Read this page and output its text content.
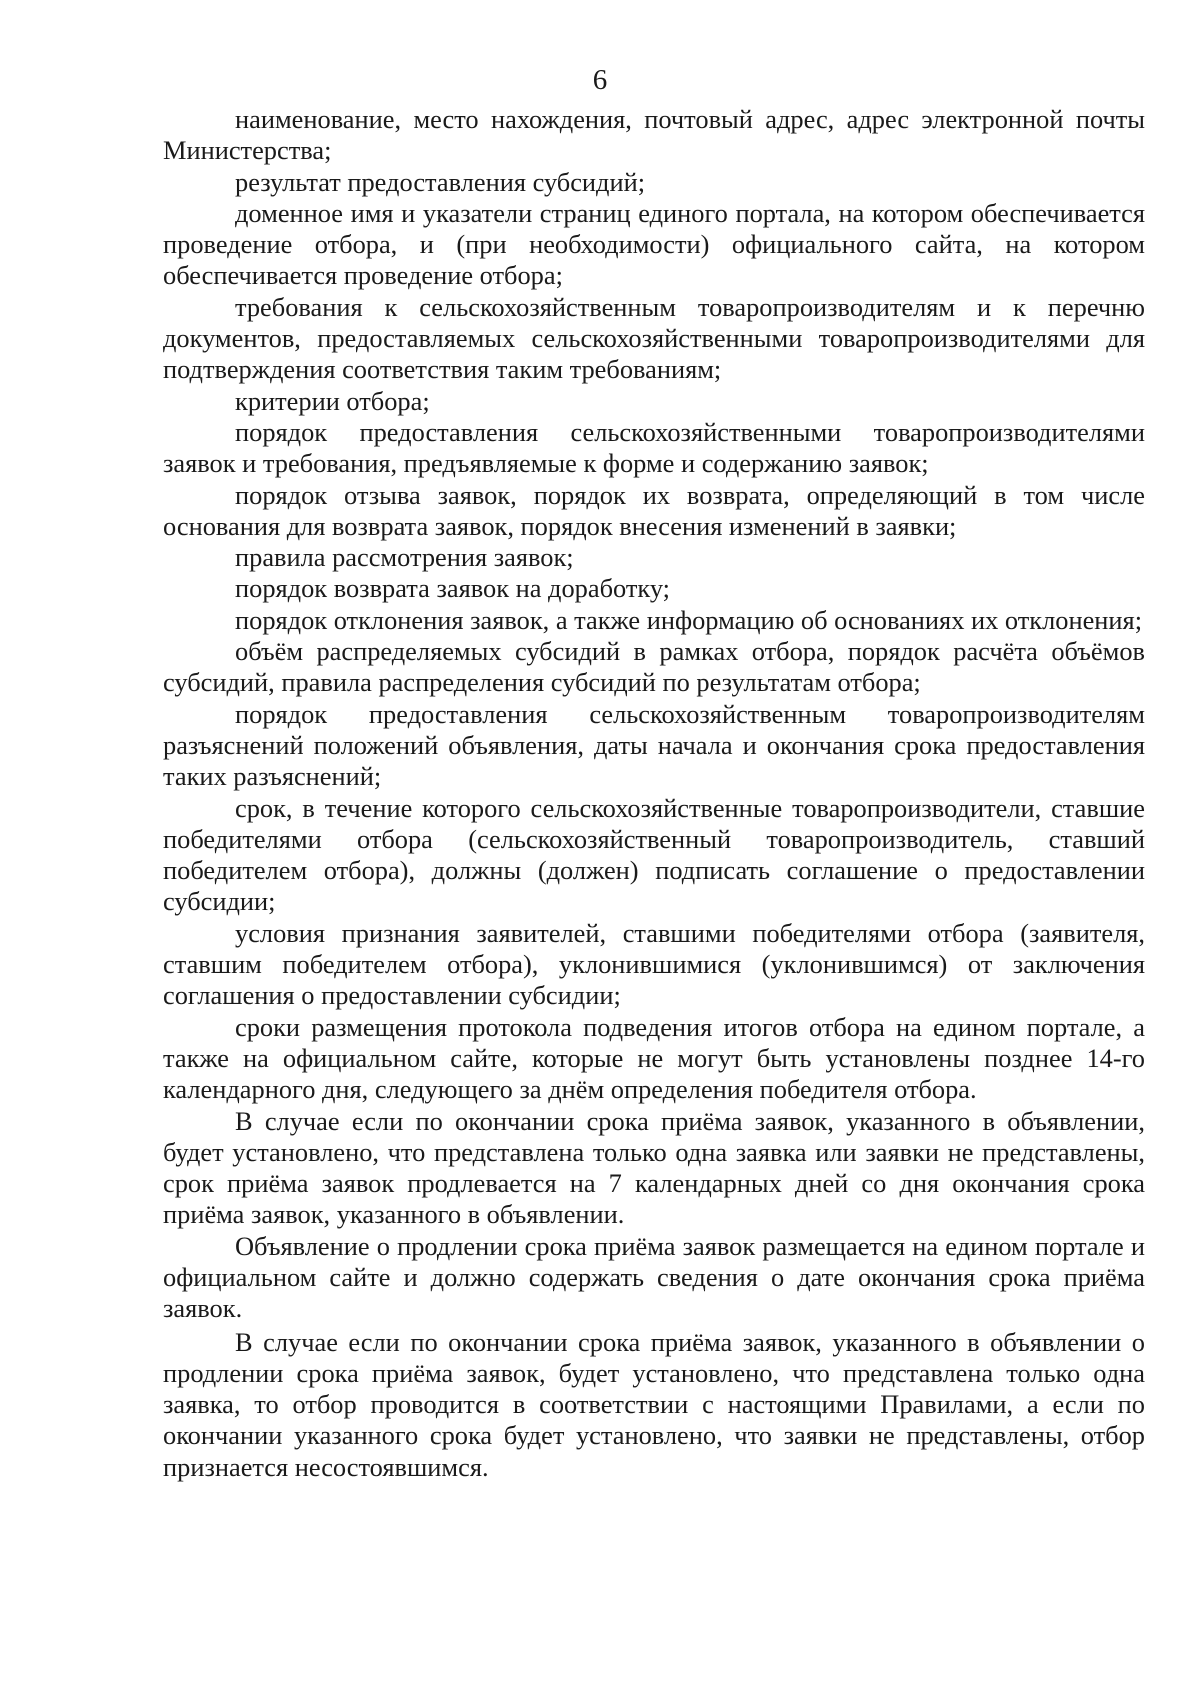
6

наименование, место нахождения, почтовый адрес, адрес электронной почты Министерства;

результат предоставления субсидий;

доменное имя и указатели страниц единого портала, на котором обеспечивается проведение отбора, и (при необходимости) официального сайта, на котором обеспечивается проведение отбора;

требования к сельскохозяйственным товаропроизводителям и к перечню документов, предоставляемых сельскохозяйственными товаропроизводителями для подтверждения соответствия таким требованиям;

критерии отбора;

порядок предоставления сельскохозяйственными товаропроизводителями заявок и требования, предъявляемые к форме и содержанию заявок;

порядок отзыва заявок, порядок их возврата, определяющий в том числе основания для возврата заявок, порядок внесения изменений в заявки;

правила рассмотрения заявок;

порядок возврата заявок на доработку;

порядок отклонения заявок, а также информацию об основаниях их отклонения;

объём распределяемых субсидий в рамках отбора, порядок расчёта объёмов субсидий, правила распределения субсидий по результатам отбора;

порядок предоставления сельскохозяйственным товаропроизводителям разъяснений положений объявления, даты начала и окончания срока предоставления таких разъяснений;

срок, в течение которого сельскохозяйственные товаропроизводители, ставшие победителями отбора (сельскохозяйственный товаропроизводитель, ставший победителем отбора), должны (должен) подписать соглашение о предоставлении субсидии;

условия признания заявителей, ставшими победителями отбора (заявителя, ставшим победителем отбора), уклонившимися (уклонившимся) от заключения соглашения о предоставлении субсидии;

сроки размещения протокола подведения итогов отбора на едином портале, а также на официальном сайте, которые не могут быть установлены позднее 14-го календарного дня, следующего за днём определения победителя отбора.

В случае если по окончании срока приёма заявок, указанного в объявлении, будет установлено, что представлена только одна заявка или заявки не представлены, срок приёма заявок продлевается на 7 календарных дней со дня окончания срока приёма заявок, указанного в объявлении.

Объявление о продлении срока приёма заявок размещается на едином портале и официальном сайте и должно содержать сведения о дате окончания срока приёма заявок.

В случае если по окончании срока приёма заявок, указанного в объявлении о продлении срока приёма заявок, будет установлено, что представлена только одна заявка, то отбор проводится в соответствии с настоящими Правилами, а если по окончании указанного срока будет установлено, что заявки не представлены, отбор признается несостоявшимся.
